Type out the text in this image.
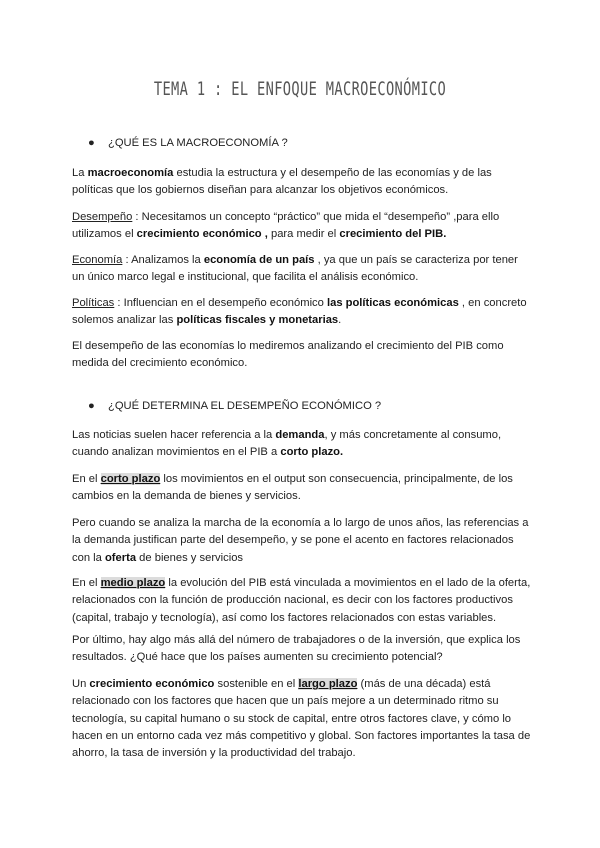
TEMA 1 : EL ENFOQUE MACROECONÓMICO
● ¿QUÉ ES LA MACROECONOMÍA ?

La macroeconomía estudia la estructura y el desempeño de las economías y de las políticas que los gobiernos diseñan para alcanzar los objetivos económicos.

Desempeño : Necesitamos un concepto “práctico” que mida el “desempeño” ,para ello utilizamos el crecimiento económico , para medir el crecimiento del PIB.

Economía : Analizamos la economía de un país , ya que un país se caracteriza por tener un único marco legal e institucional, que facilita el análisis económico.

Políticas : Influencian en el desempeño económico las políticas económicas , en concreto solemos analizar las políticas fiscales y monetarias.

El desempeño de las economías lo mediremos analizando el crecimiento del PIB como medida del crecimiento económico.

● ¿QUÉ DETERMINA EL DESEMPEÑO ECONÓMICO ?

Las noticias suelen hacer referencia a la demanda, y más concretamente al consumo, cuando analizan movimientos en el PIB a corto plazo.

En el corto plazo los movimientos en el output son consecuencia, principalmente, de los cambios en la demanda de bienes y servicios.

Pero cuando se analiza la marcha de la economía a lo largo de unos años, las referencias a la demanda justifican parte del desempeño, y se pone el acento en factores relacionados con la oferta de bienes y servicios

En el medio plazo la evolución del PIB está vinculada a movimientos en el lado de la oferta, relacionados con la función de producción nacional, es decir con los factores productivos (capital, trabajo y tecnología), así como los factores relacionados con estas variables.

Por último, hay algo más allá del número de trabajadores o de la inversión, que explica los resultados. ¿Qué hace que los países aumenten su crecimiento potencial?

Un crecimiento económico sostenible en el largo plazo (más de una década) está relacionado con los factores que hacen que un país mejore a un determinado ritmo su tecnología, su capital humano o su stock de capital, entre otros factores clave, y cómo lo hacen en un entorno cada vez más competitivo y global. Son factores importantes la tasa de ahorro, la tasa de inversión y la productividad del trabajo.
